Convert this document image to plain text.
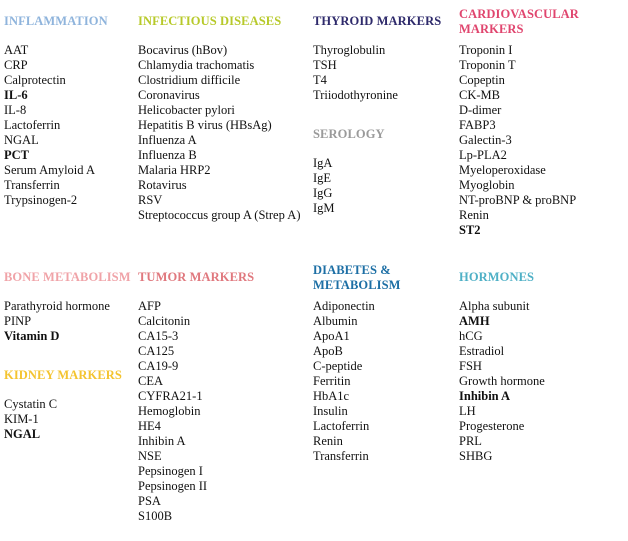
INFLAMMATION
AAT
CRP
Calprotectin
IL-6
IL-8
Lactoferrin
NGAL
PCT
Serum Amyloid A
Transferrin
Trypsinogen-2
INFECTIOUS DISEASES
Bocavirus (hBov)
Chlamydia trachomatis
Clostridium difficile
Coronavirus
Helicobacter pylori
Hepatitis B virus (HBsAg)
Influenza A
Influenza B
Malaria HRP2
Rotavirus
RSV
Streptococcus group A (Strep A)
THYROID MARKERS
Thyroglobulin
TSH
T4
Triiodothyronine
SEROLOGY
IgA
IgE
IgG
IgM
CARDIOVASCULAR
MARKERS
Troponin I
Troponin T
Copeptin
CK-MB
D-dimer
FABP3
Galectin-3
Lp-PLA2
Myeloperoxidase
Myoglobin
NT-proBNP & proBNP
Renin
ST2
BONE METABOLISM
Parathyroid hormone
PINP
Vitamin D
KIDNEY MARKERS
Cystatin C
KIM-1
NGAL
TUMOR MARKERS
AFP
Calcitonin
CA15-3
CA125
CA19-9
CEA
CYFRA21-1
Hemoglobin
HE4
Inhibin A
NSE
Pepsinogen I
Pepsinogen II
PSA
S100B
DIABETES &
METABOLISM
Adiponectin
Albumin
ApoA1
ApoB
C-peptide
Ferritin
HbA1c
Insulin
Lactoferrin
Renin
Transferrin
HORMONES
Alpha subunit
AMH
hCG
Estradiol
FSH
Growth hormone
Inhibin A
LH
Progesterone
PRL
SHBG
